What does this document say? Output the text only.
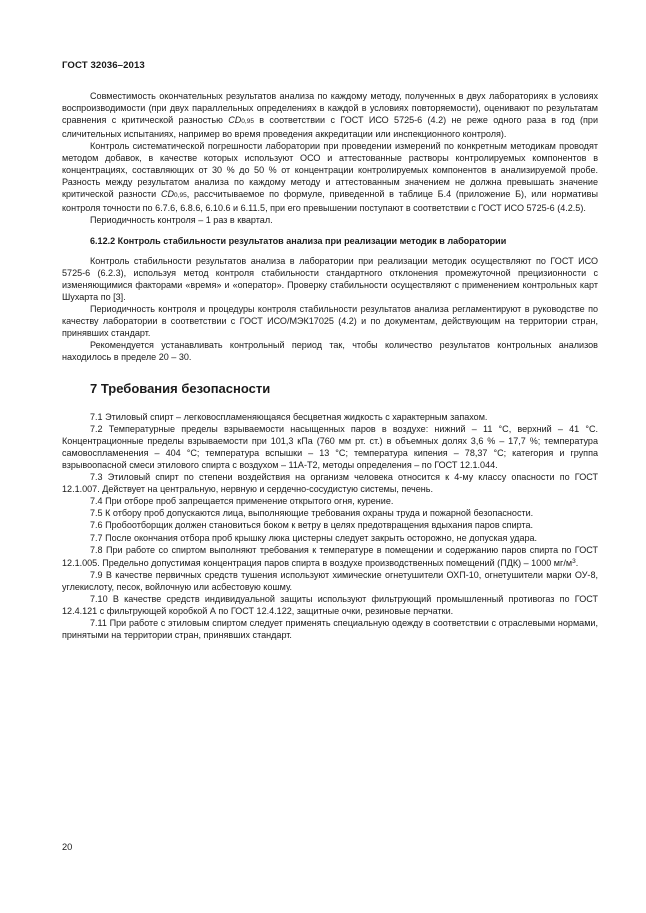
ГОСТ 32036–2013

Совместимость окончательных результатов анализа по каждому методу, полученных в двух лабораториях в условиях воспроизводимости (при двух параллельных определениях в каждой в условиях повторяемости), оценивают по результатам сравнения с критической разностью CD0,95 в соответствии с ГОСТ ИСО 5725-6 (4.2) не реже одного раза в год (при сличительных испытаниях, например во время проведения аккредитации или инспекционного контроля).

Контроль систематической погрешности лаборатории при проведении измерений по конкретным методикам проводят методом добавок, в качестве которых используют ОСО и аттестованные растворы контролируемых компонентов в концентрациях, составляющих от 30 % до 50 % от концентрации контролируемых компонентов в анализируемой пробе. Разность между результатом анализа по каждому методу и аттестованным значением не должна превышать значение критической разности CD0,95, рассчитываемое по формуле, приведенной в таблице Б.4 (приложение Б), или нормативы контроля точности по 6.7.6, 6.8.6, 6.10.6 и 6.11.5, при его превышении поступают в соответствии с ГОСТ ИСО 5725-6 (4.2.5).

Периодичность контроля – 1 раз в квартал.

6.12.2 Контроль стабильности результатов анализа при реализации методик в лаборатории

Контроль стабильности результатов анализа в лаборатории при реализации методик осуществляют по ГОСТ ИСО 5725-6 (6.2.3), используя метод контроля стабильности стандартного отклонения промежуточной прецизионности с изменяющимися факторами «время» и «оператор». Проверку стабильности осуществляют с применением контрольных карт Шухарта по [3].

Периодичность контроля и процедуры контроля стабильности результатов анализа регламентируют в руководстве по качеству лаборатории в соответствии с ГОСТ ИСО/МЭК17025 (4.2) и по документам, действующим на территории стран, принявших стандарт.

Рекомендуется устанавливать контрольный период так, чтобы количество результатов контрольных анализов находилось в пределе 20 – 30.

7 Требования безопасности

7.1 Этиловый спирт – легковоспламеняющаяся бесцветная жидкость с характерным запахом.

7.2 Температурные пределы взрываемости насыщенных паров в воздухе: нижний – 11 °С, верхний – 41 °С. Концентрационные пределы взрываемости при 101,3 кПа (760 мм рт. ст.) в объемных долях 3,6 % – 17,7 %; температура самовоспламенения – 404 °С; температура вспышки – 13 °С; температура кипения – 78,37 °С; категория и группа взрывоопасной смеси этилового спирта с воздухом – 11А-Т2, методы определения – по ГОСТ 12.1.044.

7.3 Этиловый спирт по степени воздействия на организм человека относится к 4-му классу опасности по ГОСТ 12.1.007. Действует на центральную, нервную и сердечно-сосудистую системы, печень.

7.4 При отборе проб запрещается применение открытого огня, курение.

7.5 К отбору проб допускаются лица, выполняющие требования охраны труда и пожарной безопасности.

7.6 Пробоотборщик должен становиться боком к ветру в целях предотвращения вдыхания паров спирта.

7.7 После окончания отбора проб крышку люка цистерны следует закрыть осторожно, не допуская удара.

7.8 При работе со спиртом выполняют требования к температуре в помещении и содержанию паров спирта по ГОСТ 12.1.005. Предельно допустимая концентрация паров спирта в воздухе производственных помещений (ПДК) – 1000 $мг/м^3$.

7.9 В качестве первичных средств тушения используют химические огнетушители ОХП-10, огнетушители марки ОУ-8, углекислоту, песок, войлочную или асбестовую кошму.

7.10 В качестве средств индивидуальной защиты используют фильтрующий промышленный противогаз по ГОСТ 12.4.121 с фильтрующей коробкой А по ГОСТ 12.4.122, защитные очки, резиновые перчатки.

7.11 При работе с этиловым спиртом следует применять специальную одежду в соответствии с отраслевыми нормами, принятыми на территории стран, принявших стандарт.

20
